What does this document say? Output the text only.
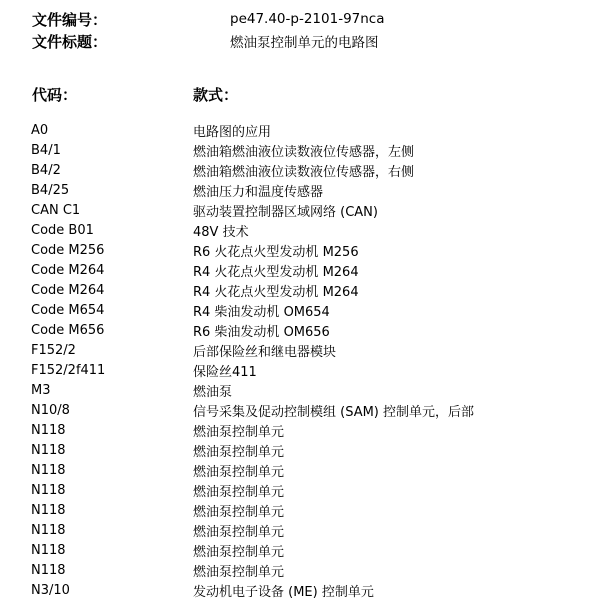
文件编号：	pe47.40-p-2101-97nca
文件标题：	燃油泵控制单元的电路图
代码：	款式：
A0	电路图的应用
B4/1	燃油箱燃油液位读数液位传感器，左侧
B4/2	燃油箱燃油液位读数液位传感器，右侧
B4/25	燃油压力和温度传感器
CAN C1	驱动装置控制器区域网络 (CAN)
Code B01	48V 技术
Code M256	R6 火花点火型发动机 M256
Code M264	R4 火花点火型发动机 M264
Code M264	R4 火花点火型发动机 M264
Code M654	R4 柴油发动机 OM654
Code M656	R6 柴油发动机 OM656
F152/2	后部保险丝和继电器模块
F152/2f411	保险丝411
M3	燃油泵
N10/8	信号采集及促动控制模组 (SAM) 控制单元，后部
N118	燃油泵控制单元
N118	燃油泵控制单元
N118	燃油泵控制单元
N118	燃油泵控制单元
N118	燃油泵控制单元
N118	燃油泵控制单元
N118	燃油泵控制单元
N118	燃油泵控制单元
N3/10	发动机电子设备 (ME) 控制单元
